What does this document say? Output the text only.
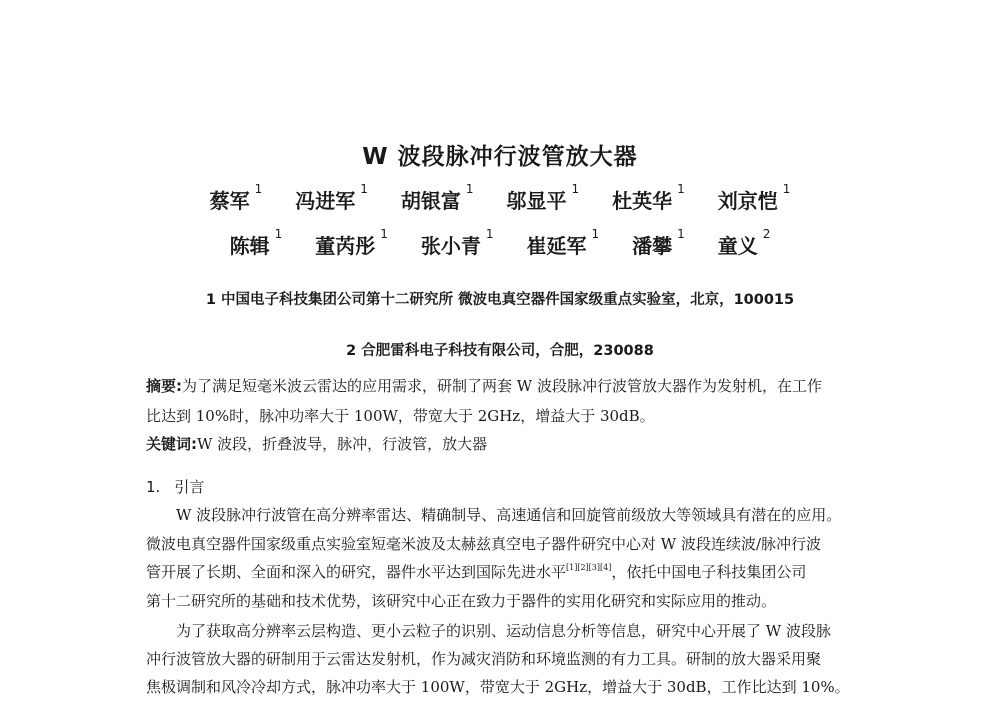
W 波段脉冲行波管放大器
蔡军 $^1$ 冯进军 $^1$ 胡银富 $^1$ 邬显平 $^1$ 杜英华 $^1$ 刘京恺 $^1$
陈辑 $^1$ 董芮彤 $^1$ 张小青 $^1$ 崔延军 $^1$ 潘攀 $^1$ 童义 $^2$
1 中国电子科技集团公司第十二研究所 微波电真空器件国家级重点实验室，北京，100015
2 合肥雷科电子科技有限公司，合肥，230088
摘要:为了满足短毫米波云雷达的应用需求，研制了两套 W 波段脉冲行波管放大器作为发射机，在工作
比达到 10%时，脉冲功率大于 100W，带宽大于 2GHz，增益大于 30dB。
关键词:W 波段，折叠波导，脉冲，行波管，放大器
1. 引言
W 波段脉冲行波管在高分辨率雷达、精确制导、高速通信和回旋管前级放大等领域具有潜在的应用。
微波电真空器件国家级重点实验室短毫米波及太赫兹真空电子器件研究中心对 W 波段连续波/脉冲行波
管开展了长期、全面和深入的研究，器件水平达到国际先进水平[1][2][3][4]，依托中国电子科技集团公司
第十二研究所的基础和技术优势，该研究中心正在致力于器件的实用化研究和实际应用的推动。
为了获取高分辨率云层构造、更小云粒子的识别、运动信息分析等信息，研究中心开展了 W 波段脉
冲行波管放大器的研制用于云雷达发射机，作为减灾消防和环境监测的有力工具。研制的放大器采用聚
焦极调制和风冷冷却方式，脉冲功率大于 100W，带宽大于 2GHz，增益大于 30dB，工作比达到 10%。
